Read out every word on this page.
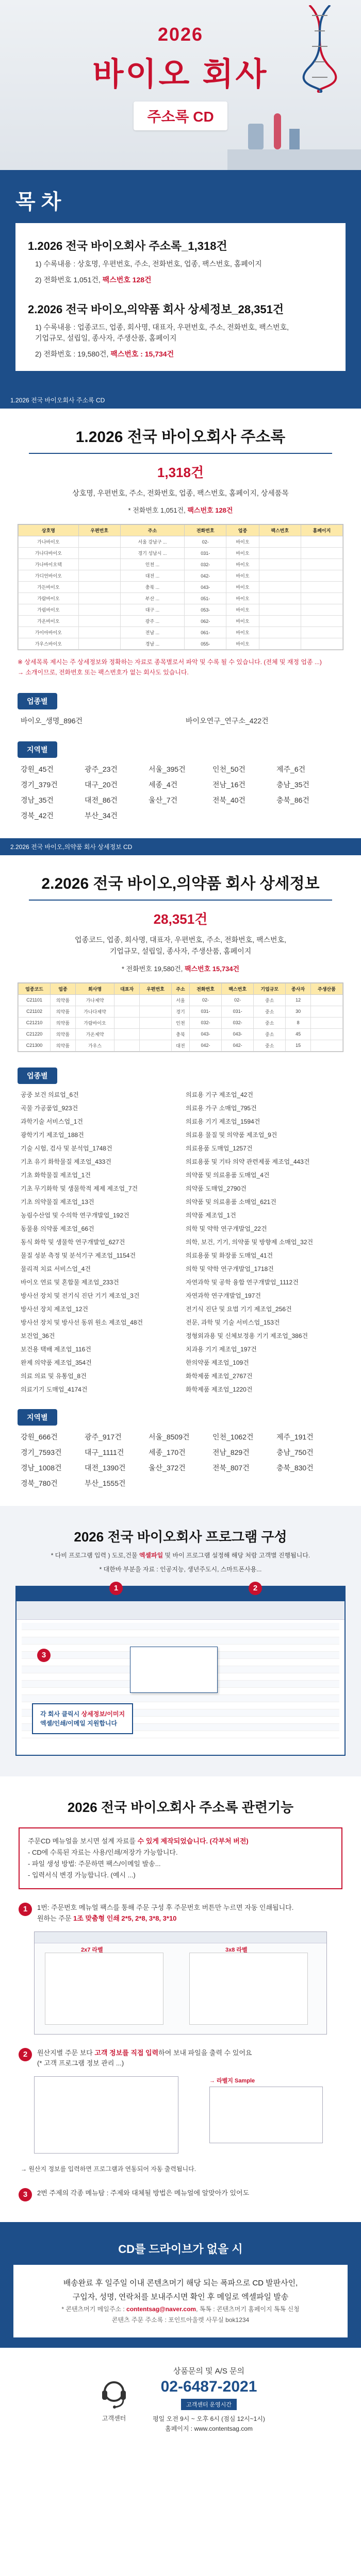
2026
바이오 회사
주소록 CD
목 차
1.2026 전국 바이오회사 주소록_1,318건
1) 수록내용 : 상호명, 우편번호, 주소, 전화번호, 업종, 팩스번호, 홈페이지
2) 전화번호 1,051건, 팩스번호 128건
2.2026 전국 바이오,의약품 회사 상세정보_28,351건
1) 수록내용 : 업종코드, 업종, 회사명, 대표자, 우편번호, 주소, 전화번호, 팩스번호,
기업규모, 설립일, 종사자, 주생산품, 홈페이지
2) 전화번호 : 19,580건, 팩스번호 : 15,734건
1.2026 전국 바이오회사 주소록 CD
1.2026 전국 바이오회사 주소록
1,318건
상호명, 우편번호, 주소, 전화번호, 업종, 팩스번호, 홈페이지, 상세품목
* 전화번호 1,051건, 팩스번호 128건
상호명	우편번호	주소	전화번호	업종	팩스번호	홈페이지
가나바이오		서울 강남구 ...	02-	바이오		
가나다바이오		경기 성남시 ...	031-	바이오		
가나바이오텍		인천 ...	032-	바이오		
가디언바이오		대전 ...	042-	바이오		
가든바이오		충북 ...	043-	바이오		
가람바이오		부산 ...	051-	바이오		
가림바이오		대구 ...	053-	바이오		
가온바이오		광주 ...	062-	바이오		
가이아바이오		전남 ...	061-	바이오		
가우스바이오		경남 ...	055-	바이오		
※ 상세목록 제시는 주 상세정보와 정확하는 자료로 종목별로서 파악 및 수록 될 수 있습니다. (전체 및 재정 업종 ...)
→ 소개이므로, 전화번호 또는 팩스번호가 없는 회사도 있습니다.
업종별
바이오_생명_896건	바이오연구_연구소_422건
지역별
강원_45건	광주_23건	서울_395건	인천_50건	제주_6건
경기_379건	대구_20건	세종_4건	전남_16건	충남_35건
경남_35건	대전_86건	울산_7건	전북_40건	충북_86건
경북_42건	부산_34건
2.2026 전국 바이오,의약품 회사 상세정보 CD
2.2026 전국 바이오,의약품 회사 상세정보
28,351건
업종코드, 업종, 회사명, 대표자, 우편번호, 주소, 전화번호, 팩스번호,
기업규모, 설립일, 종사자, 주생산품, 홈페이지
* 전화번호 19,580건, 팩스번호 15,734건
업종코드	업종	회사명	대표자	우편번호	주소	전화번호	팩스번호	기업규모	종사자	주생산품
C21101	의약품	가나제약			서울	02-	02-	중소	12	
C21102	의약품	가나다제약			경기	031-	031-	중소	30	
C21210	의약품	가람바이오			인천	032-	032-	중소	8	
C21220	의약품	가온제약			충북	043-	043-	중소	45	
C21300	의약품	가우스			대전	042-	042-	중소	15	
업종별
공중 보건 의료업_6건	의료용 기구 제조업_42건
곡물 가공품업_923건	의료용 가구 소매업_795건
과학기술 서비스업_1건	의료용 기기 제조업_1594건
광학기기 제조업_188건	의료용 물질 및 의약품 제조업_9건
기술 시험, 검사 및 분석업_1748건	의료용품 도매업_1257건
기초 유기 화학물질 제조업_433건	의료용품 및 기타 의약 관련제품 제조업_443건
기초 화학물질 제조업_1건	의약품 및 의료용품 도매업_4건
기초 무기화학 및 생물학적 제제 제조업_7건	의약품 도매업_2790건
기초 의약물질 제조업_13건	의약품 및 의료용품 소매업_621건
농림수산업 및 수의학 연구개발업_192건	의약품 제조업_1건
동물용 의약품 제조업_66건	의학 및 약학 연구개발업_22건
동식 화학 및 생물학 연구개발업_627건	의학, 보건, 기기, 의약품 및 방향제 소매업_32건
물질 성분 측정 및 분석기구 제조업_1154건	의료용품 및 화장품 도매업_41건
물리적 치료 서비스업_4건	의학 및 약학 연구개발업_1718건
바이오 연료 및 혼합물 제조업_233건	자연과학 및 공학 융합 연구개발업_1112건
방사선 장치 및 전기식 진단 기기 제조업_3건	자연과학 연구개발업_197건
방사선 장치 제조업_12건	전기식 진단 및 요법 기기 제조업_256건
방사선 장치 및 방사선 동위 원소 제조업_48건	전문, 과학 및 기술 서비스업_153건
보건업_36건	정형외과용 및 신체보정용 기기 제조업_386건
보건용 택배 제조업_116건	치과용 기기 제조업_197건
완제 의약품 제조업_354건	한의약품 제조업_109건
의료 의료 및 유통업_8건	화학제품 제조업_2767건
의료기기 도매업_4174건	화학제품 제조업_1220건
지역별
강원_666건	광주_917건	서울_8509건	인천_1062건	제주_191건
경기_7593건	대구_1111건	세종_170건	전남_829건	충남_750건
경남_1008건	대전_1390건	울산_372건	전북_807건	충북_830건
경북_780건	부산_1555건
2026 전국 바이오회사 프로그램 구성
* 다비 프로그램 입력 ) 도로,건물 엑셀파일 및 바이 프로그램 설정해 해당 처람 고객별 진행됩니다.
* 대한바 부분을 자료 : 인공지능, 생년주도시, 스마트폰사용...
1	2
3
각 회사 클릭시 상세정보/이미지
엑셀/인쇄/이메일 지원합니다
2026 전국 바이오회사 주소록 관련기능
주문CD 메뉴얼을 보시면 설계 자료를 수 있게 제작되었습니다. (각부처 버전)
- CD에 수록된 자료는 사용/인쇄/저장가 가능합니다.
- 파일 생성 방법: 주문하면 팩스/이메일 발송...
- 입력서식 변경 가능합니다. (예시 ...)
1	1번: 주문번호 메뉴얼 팩스를 통해 주문 구성 후 주문번호 버튼만 누르면 자동 인쇄됩니다.
원하는 주문 1조 맞춤형 인쇄 2*5, 2*8, 3*8, 3*10
2x7 라벨	3x8 라벨
2	원산지별 주문 보다 고객 정보를 직접 입력하여 보내 파일을 출력 수 있어요
(* 고객 프로그램 정보 관리 ...)
→ 라벨지 Sample
→ 원산지 정보를 입력하면 프로그램과 연동되어 자동 출력됩니다.
3	2번 주제의 각종 메뉴탐 : 주제와 대체될 방법은 메뉴얼에 알맞아가 있어도
CD를 드라이브가 없을 시
배송완료 후 일주일 이내 콘텐츠머기 해당 되는 폭파으로 CD 발판사인,
구입자, 성명, 연락처를 보내주시면 확인 후 메일로 엑셀파일 발송
* 콘텐츠머기 메일주소 : contentsag@naver.com, 톡톡 : 콘텐츠머기 홈페이지 톡톡 신청
콘텐츠 주문 주소록 : 포인트아울렛 사무실 bok1234
고객센터
상품문의 및 A/S 문의
02-6487-2021
고객센터 운영시간
평일 오전 9시 ~ 오후 6시 (점심 12시~1시)
홈페이지 : www.contentsag.com
